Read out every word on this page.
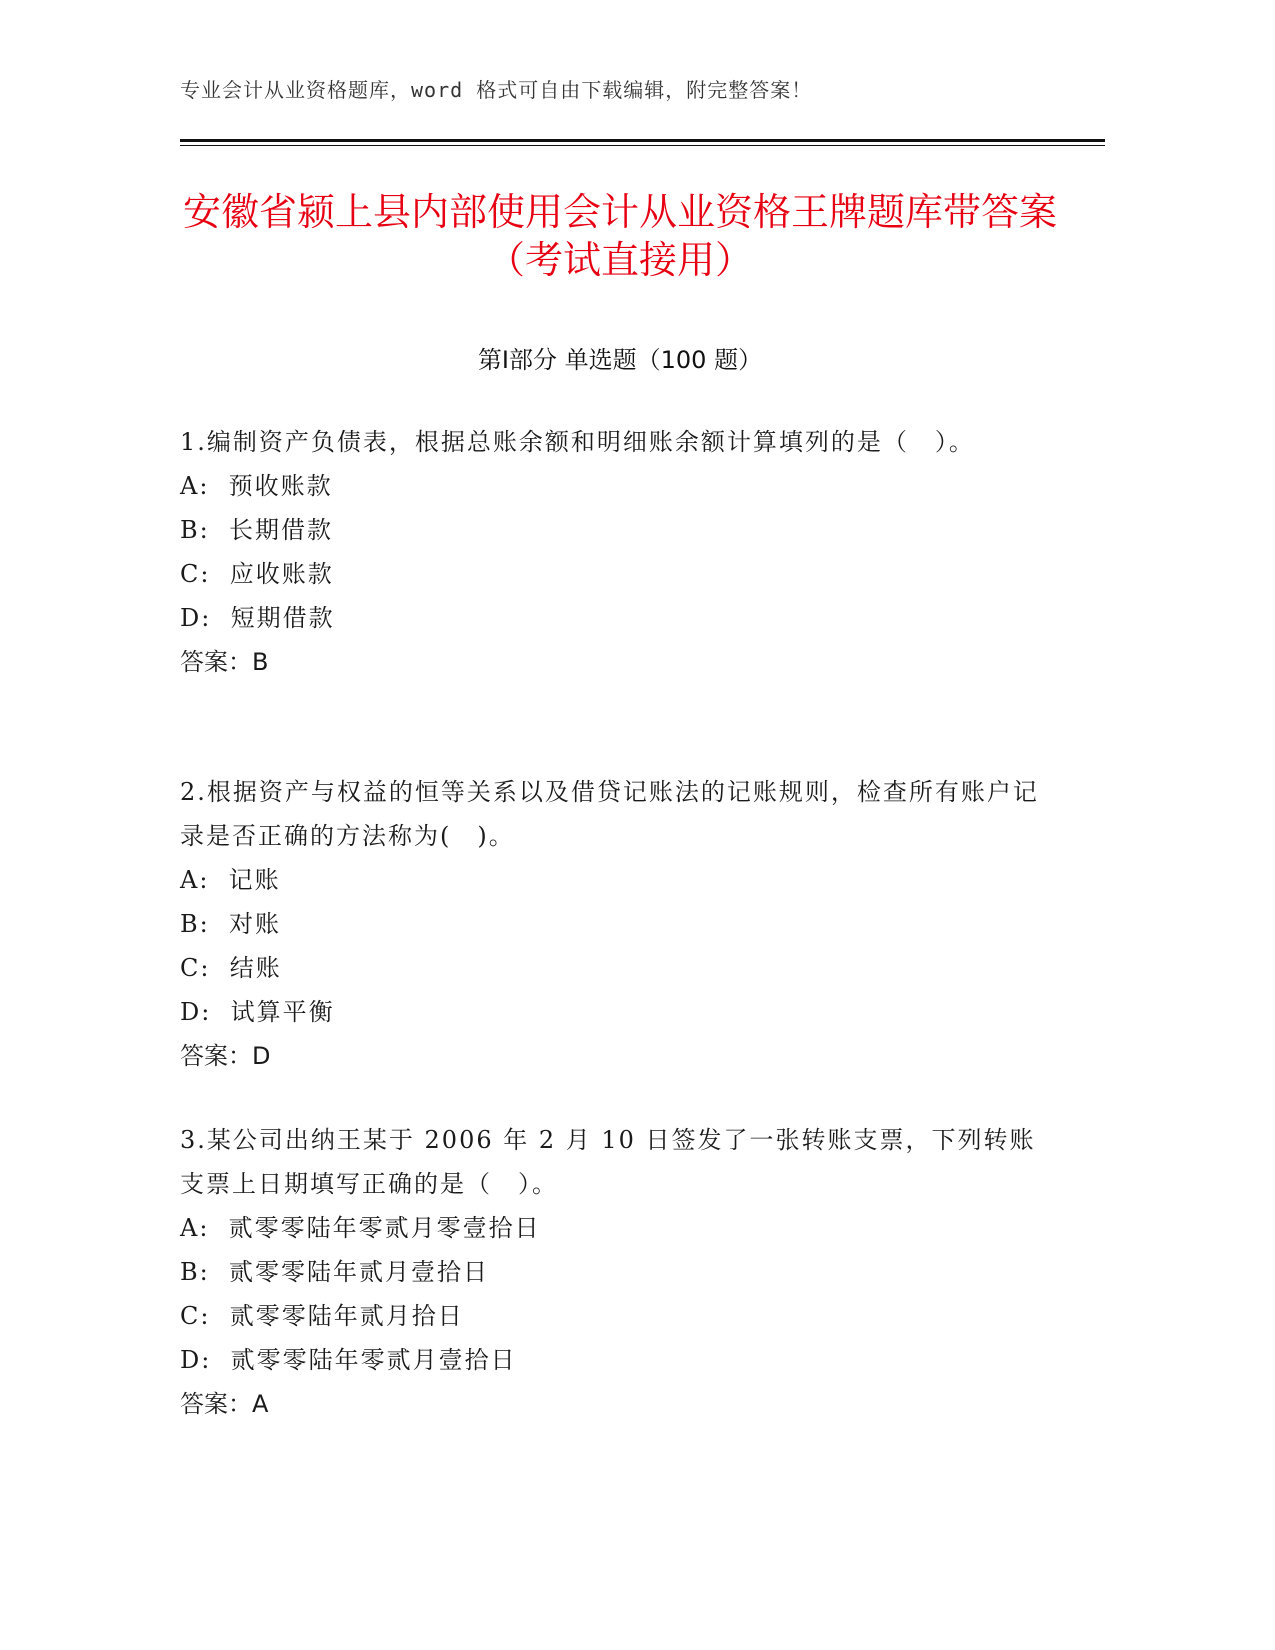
专业会计从业资格题库，word 格式可自由下载编辑，附完整答案！
安徽省颍上县内部使用会计从业资格王牌题库带答案（考试直接用）
第Ⅰ部分 单选题（100 题）

1.编制资产负债表，根据总账余额和明细账余额计算填列的是（　）。

A:  预收账款

B:  长期借款

C:  应收账款

D:  短期借款

答案：B

2.根据资产与权益的恒等关系以及借贷记账法的记账规则，检查所有账户记录是否正确的方法称为(　)。

A:  记账

B:  对账

C:  结账

D:  试算平衡

答案：D

3.某公司出纳王某于 2006 年 2 月 10 日签发了一张转账支票，下列转账支票上日期填写正确的是（　）。

A:  贰零零陆年零贰月零壹拾日

B:  贰零零陆年贰月壹拾日

C:  贰零零陆年贰月拾日

D:  贰零零陆年零贰月壹拾日

答案：A
